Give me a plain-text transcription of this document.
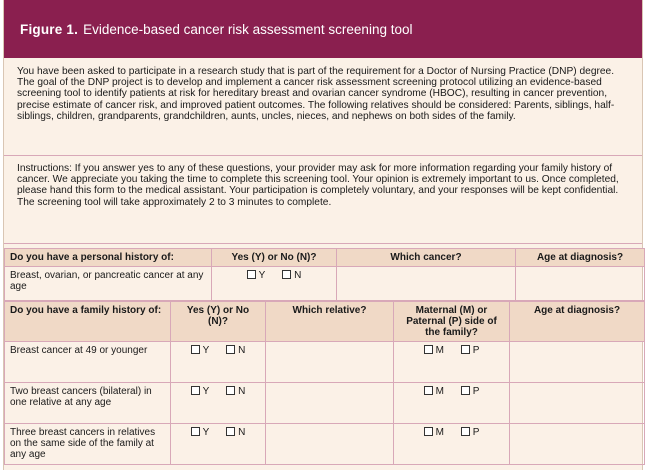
Figure 1. Evidence-based cancer risk assessment screening tool
You have been asked to participate in a research study that is part of the requirement for a Doctor of Nursing Practice (DNP) degree. The goal of the DNP project is to develop and implement a cancer risk assessment screening protocol utilizing an evidence-based screening tool to identify patients at risk for hereditary breast and ovarian cancer syndrome (HBOC), resulting in cancer prevention, precise estimate of cancer risk, and improved patient outcomes. The following relatives should be considered: Parents, siblings, half-siblings, children, grandparents, grandchildren, aunts, uncles, nieces, and nephews on both sides of the family.
Instructions: If you answer yes to any of these questions, your provider may ask for more information regarding your family history of cancer. We appreciate you taking the time to complete this screening tool. Your opinion is extremely important to us. Once completed, please hand this form to the medical assistant. Your participation is completely voluntary, and your responses will be kept confidential. The screening tool will take approximately 2 to 3 minutes to complete.
Do you have a personal history of:	Yes (Y) or No (N)?	Which cancer?	Age at diagnosis?
Breast, ovarian, or pancreatic cancer at any age	Y N		
Do you have a family history of:	Yes (Y) or No (N)?	Which relative?	Maternal (M) or Paternal (P) side of the family?	Age at diagnosis?
Breast cancer at 49 or younger	Y N		M P	
Two breast cancers (bilateral) in one relative at any age	Y N		M P	
Three breast cancers in relatives on the same side of the family at any age	Y N		M P	
